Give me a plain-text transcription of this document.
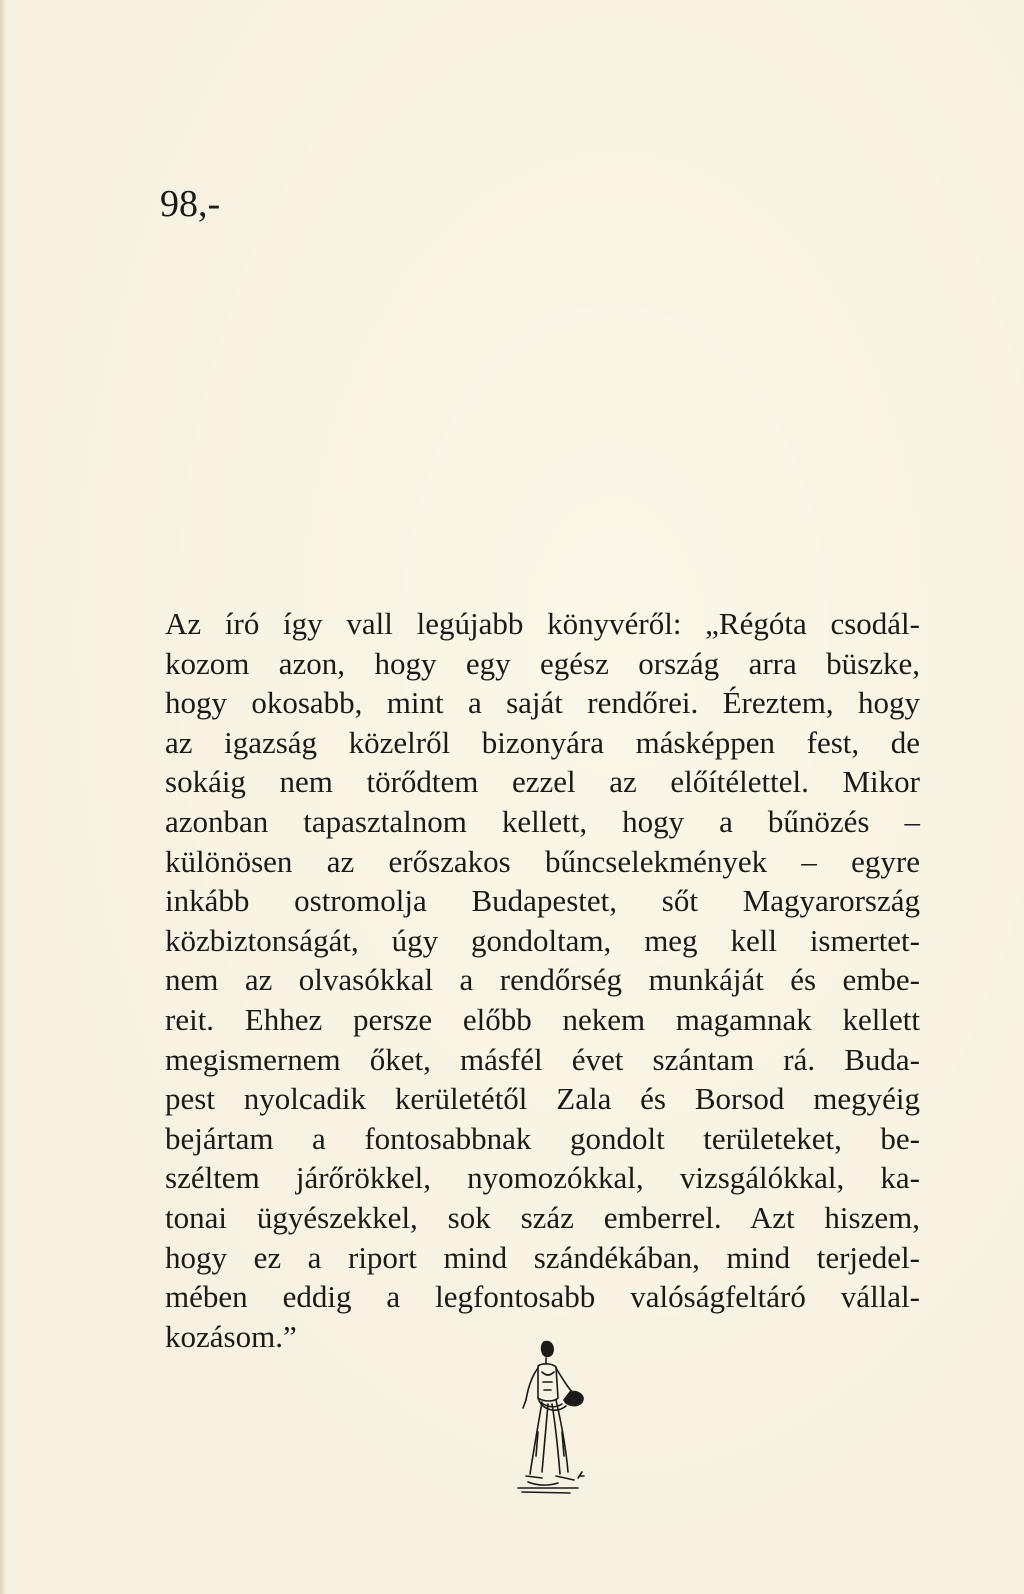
98,-
Az író így vall legújabb könyvéről: „Régóta csodál-
kozom azon, hogy egy egész ország arra büszke,
hogy okosabb, mint a saját rendőrei. Éreztem, hogy
az igazság közelről bizonyára másképpen fest, de
sokáig nem törődtem ezzel az előítélettel. Mikor
azonban tapasztalnom kellett, hogy a bűnözés –
különösen az erőszakos bűncselekmények – egyre
inkább ostromolja Budapestet, sőt Magyarország
közbiztonságát, úgy gondoltam, meg kell ismertet-
nem az olvasókkal a rendőrség munkáját és embe-
reit. Ehhez persze előbb nekem magamnak kellett
megismernem őket, másfél évet szántam rá. Buda-
pest nyolcadik kerületétől Zala és Borsod megyéig
bejártam a fontosabbnak gondolt területeket, be-
széltem járőrökkel, nyomozókkal, vizsgálókkal, ka-
tonai ügyészekkel, sok száz emberrel. Azt hiszem,
hogy ez a riport mind szándékában, mind terjedel-
mében eddig a legfontosabb valóságfeltáró vállal-
kozásom.”
